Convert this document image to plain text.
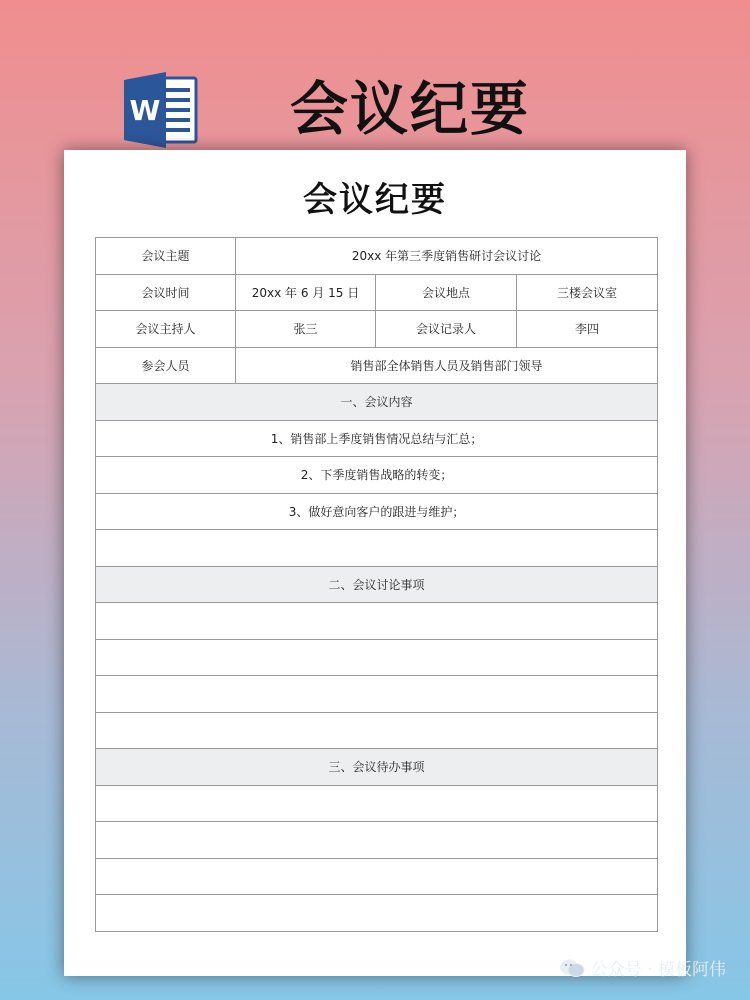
W 会议纪要
会议纪要
会议主题	20xx 年第三季度销售研讨会议讨论		
会议时间	20xx 年 6 月 15 日	会议地点	三楼会议室
会议主持人	张三	会议记录人	李四
参会人员	销售部全体销售人员及销售部门领导		
一、会议内容			
1、销售部上季度销售情况总结与汇总；			
2、下季度销售战略的转变；			
3、做好意向客户的跟进与维护；			

二、会议讨论事项			

三、会议待办事项			

公众号 · 模板阿伟
